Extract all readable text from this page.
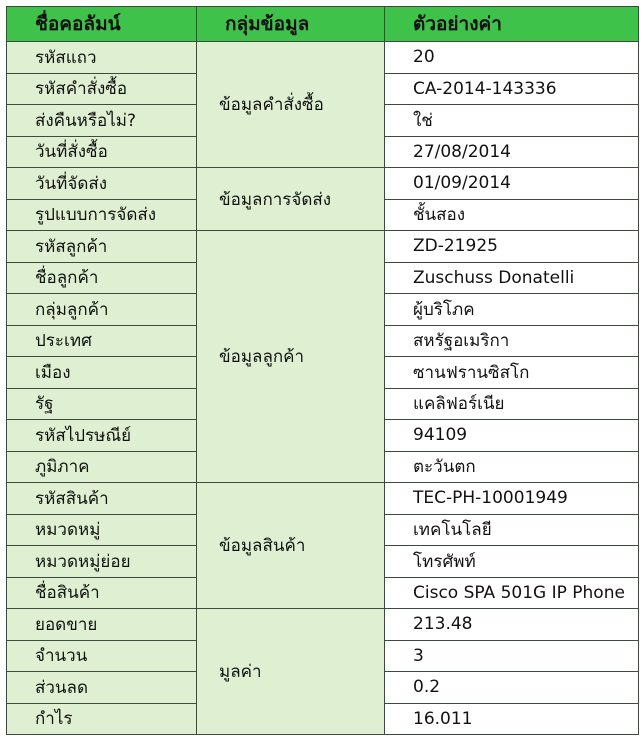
ชื่อคอลัมน์	กลุ่มข้อมูล	ตัวอย่างค่า
รหัสแถว	ข้อมูลคำสั่งซื้อ	20
รหัสคำสั่งซื้อ		CA-2014-143336
ส่งคืนหรือไม่?		ใช่
วันที่สั่งซื้อ		27/08/2014
วันที่จัดส่ง	ข้อมูลการจัดส่ง	01/09/2014
รูปแบบการจัดส่ง		ชั้นสอง
รหัสลูกค้า	ข้อมูลลูกค้า	ZD-21925
ชื่อลูกค้า		Zuschuss Donatelli
กลุ่มลูกค้า		ผู้บริโภค
ประเทศ		สหรัฐอเมริกา
เมือง		ซานฟรานซิสโก
รัฐ		แคลิฟอร์เนีย
รหัสไปรษณีย์		94109
ภูมิภาค		ตะวันตก
รหัสสินค้า	ข้อมูลสินค้า	TEC-PH-10001949
หมวดหมู่		เทคโนโลยี
หมวดหมู่ย่อย		โทรศัพท์
ชื่อสินค้า		Cisco SPA 501G IP Phone
ยอดขาย	มูลค่า	213.48
จำนวน		3
ส่วนลด		0.2
กำไร		16.011
